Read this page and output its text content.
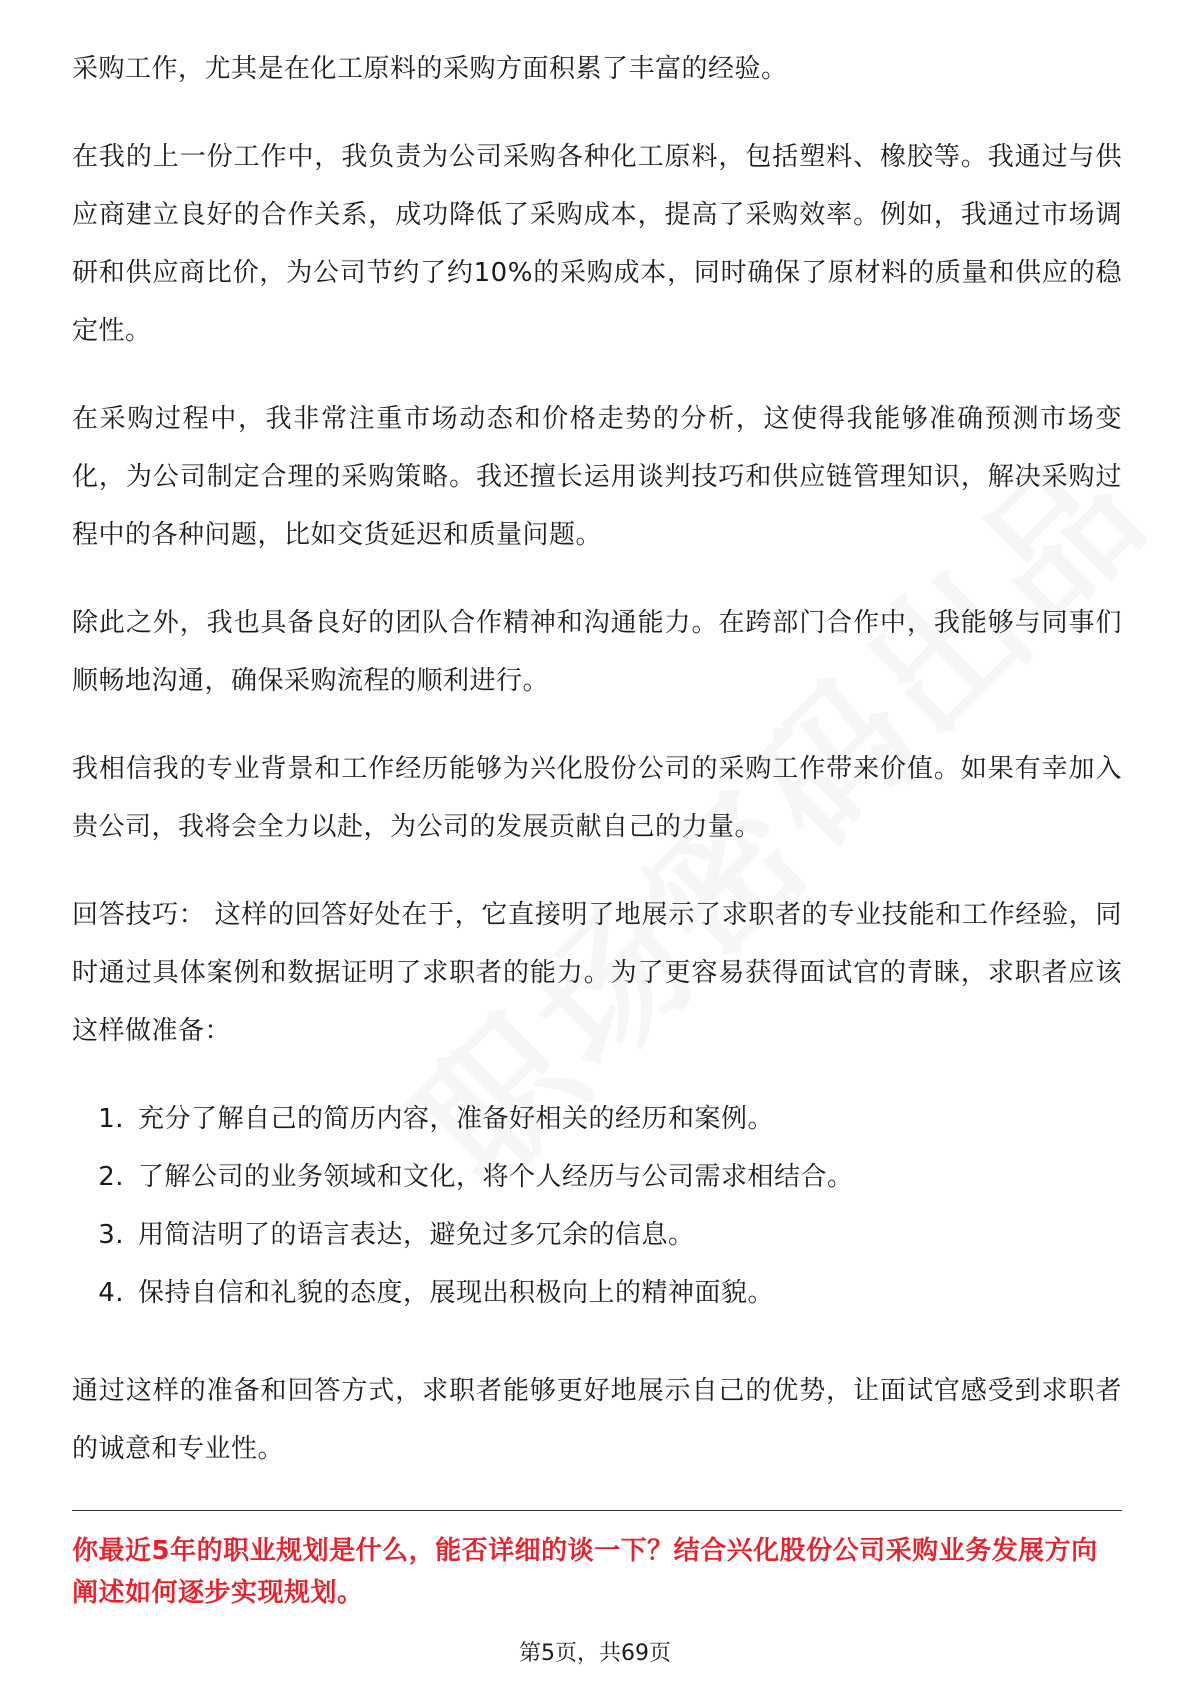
采购工作，尤其是在化工原料的采购方面积累了丰富的经验。

在我的上一份工作中，我负责为公司采购各种化工原料，包括塑料、橡胶等。我通过与供应商建立良好的合作关系，成功降低了采购成本，提高了采购效率。例如，我通过市场调研和供应商比价，为公司节约了约10%的采购成本，同时确保了原材料的质量和供应的稳定性。

在采购过程中，我非常注重市场动态和价格走势的分析，这使得我能够准确预测市场变化，为公司制定合理的采购策略。我还擅长运用谈判技巧和供应链管理知识，解决采购过程中的各种问题，比如交货延迟和质量问题。

除此之外，我也具备良好的团队合作精神和沟通能力。在跨部门合作中，我能够与同事们顺畅地沟通，确保采购流程的顺利进行。

我相信我的专业背景和工作经历能够为兴化股份公司的采购工作带来价值。如果有幸加入贵公司，我将会全力以赴，为公司的发展贡献自己的力量。

回答技巧： 这样的回答好处在于，它直接明了地展示了求职者的专业技能和工作经验，同时通过具体案例和数据证明了求职者的能力。为了更容易获得面试官的青睐，求职者应该这样做准备：

1. 充分了解自己的简历内容，准备好相关的经历和案例。
2. 了解公司的业务领域和文化，将个人经历与公司需求相结合。
3. 用简洁明了的语言表达，避免过多冗余的信息。
4. 保持自信和礼貌的态度，展现出积极向上的精神面貌。

通过这样的准备和回答方式，求职者能够更好地展示自己的优势，让面试官感受到求职者的诚意和专业性。

你最近5年的职业规划是什么，能否详细的谈一下？结合兴化股份公司采购业务发展方向阐述如何逐步实现规划。

第5页，共69页
